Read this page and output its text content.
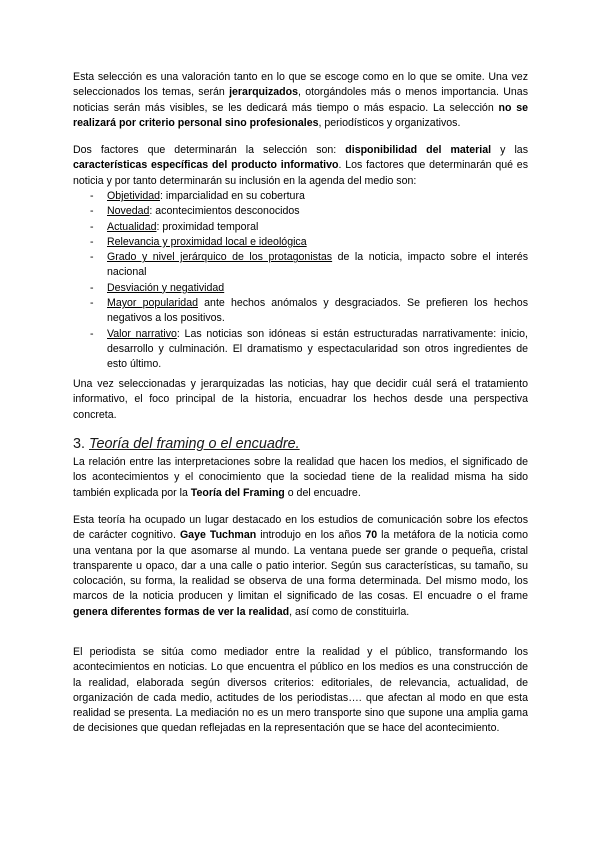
Esta selección es una valoración tanto en lo que se escoge como en lo que se omite. Una vez seleccionados los temas, serán jerarquizados, otorgándoles más o menos importancia. Unas noticias serán más visibles, se les dedicará más tiempo o más espacio. La selección no se realizará por criterio personal sino profesionales, periodísticos y organizativos.

Dos factores que determinarán la selección son: disponibilidad del material y las características específicas del producto informativo. Los factores que determinarán qué es noticia y por tanto determinarán su inclusión en la agenda del medio son:

- Objetividad: imparcialidad en su cobertura
- Novedad: acontecimientos desconocidos
- Actualidad: proximidad temporal
- Relevancia y proximidad local e ideológica
- Grado y nivel jerárquico de los protagonistas de la noticia, impacto sobre el interés nacional
- Desviación y negatividad
- Mayor popularidad ante hechos anómalos y desgraciados. Se prefieren los hechos negativos a los positivos.
- Valor narrativo: Las noticias son idóneas si están estructuradas narrativamente: inicio, desarrollo y culminación. El dramatismo y espectacularidad son otros ingredientes de esto último.

Una vez seleccionadas y jerarquizadas las noticias, hay que decidir cuál será el tratamiento informativo, el foco principal de la historia, encuadrar los hechos desde una perspectiva concreta.

3. Teoría del framing o el encuadre.

La relación entre las interpretaciones sobre la realidad que hacen los medios, el significado de los acontecimientos y el conocimiento que la sociedad tiene de la realidad misma ha sido también explicada por la Teoría del Framing o del encuadre.

Esta teoría ha ocupado un lugar destacado en los estudios de comunicación sobre los efectos de carácter cognitivo. Gaye Tuchman introdujo en los años 70 la metáfora de la noticia como una ventana por la que asomarse al mundo. La ventana puede ser grande o pequeña, cristal transparente u opaco, dar a una calle o patio interior. Según sus características, su tamaño, su colocación, su forma, la realidad se observa de una forma determinada. Del mismo modo, los marcos de la noticia producen y limitan el significado de las cosas. El encuadre o el frame genera diferentes formas de ver la realidad, así como de constituirla.

El periodista se sitúa como mediador entre la realidad y el público, transformando los acontecimientos en noticias. Lo que encuentra el público en los medios es una construcción de la realidad, elaborada según diversos criterios: editoriales, de relevancia, actualidad, de organización de cada medio, actitudes de los periodistas…. que afectan al modo en que esta realidad se presenta. La mediación no es un mero transporte sino que supone una amplia gama de decisiones que quedan reflejadas en la representación que se hace del acontecimiento.
